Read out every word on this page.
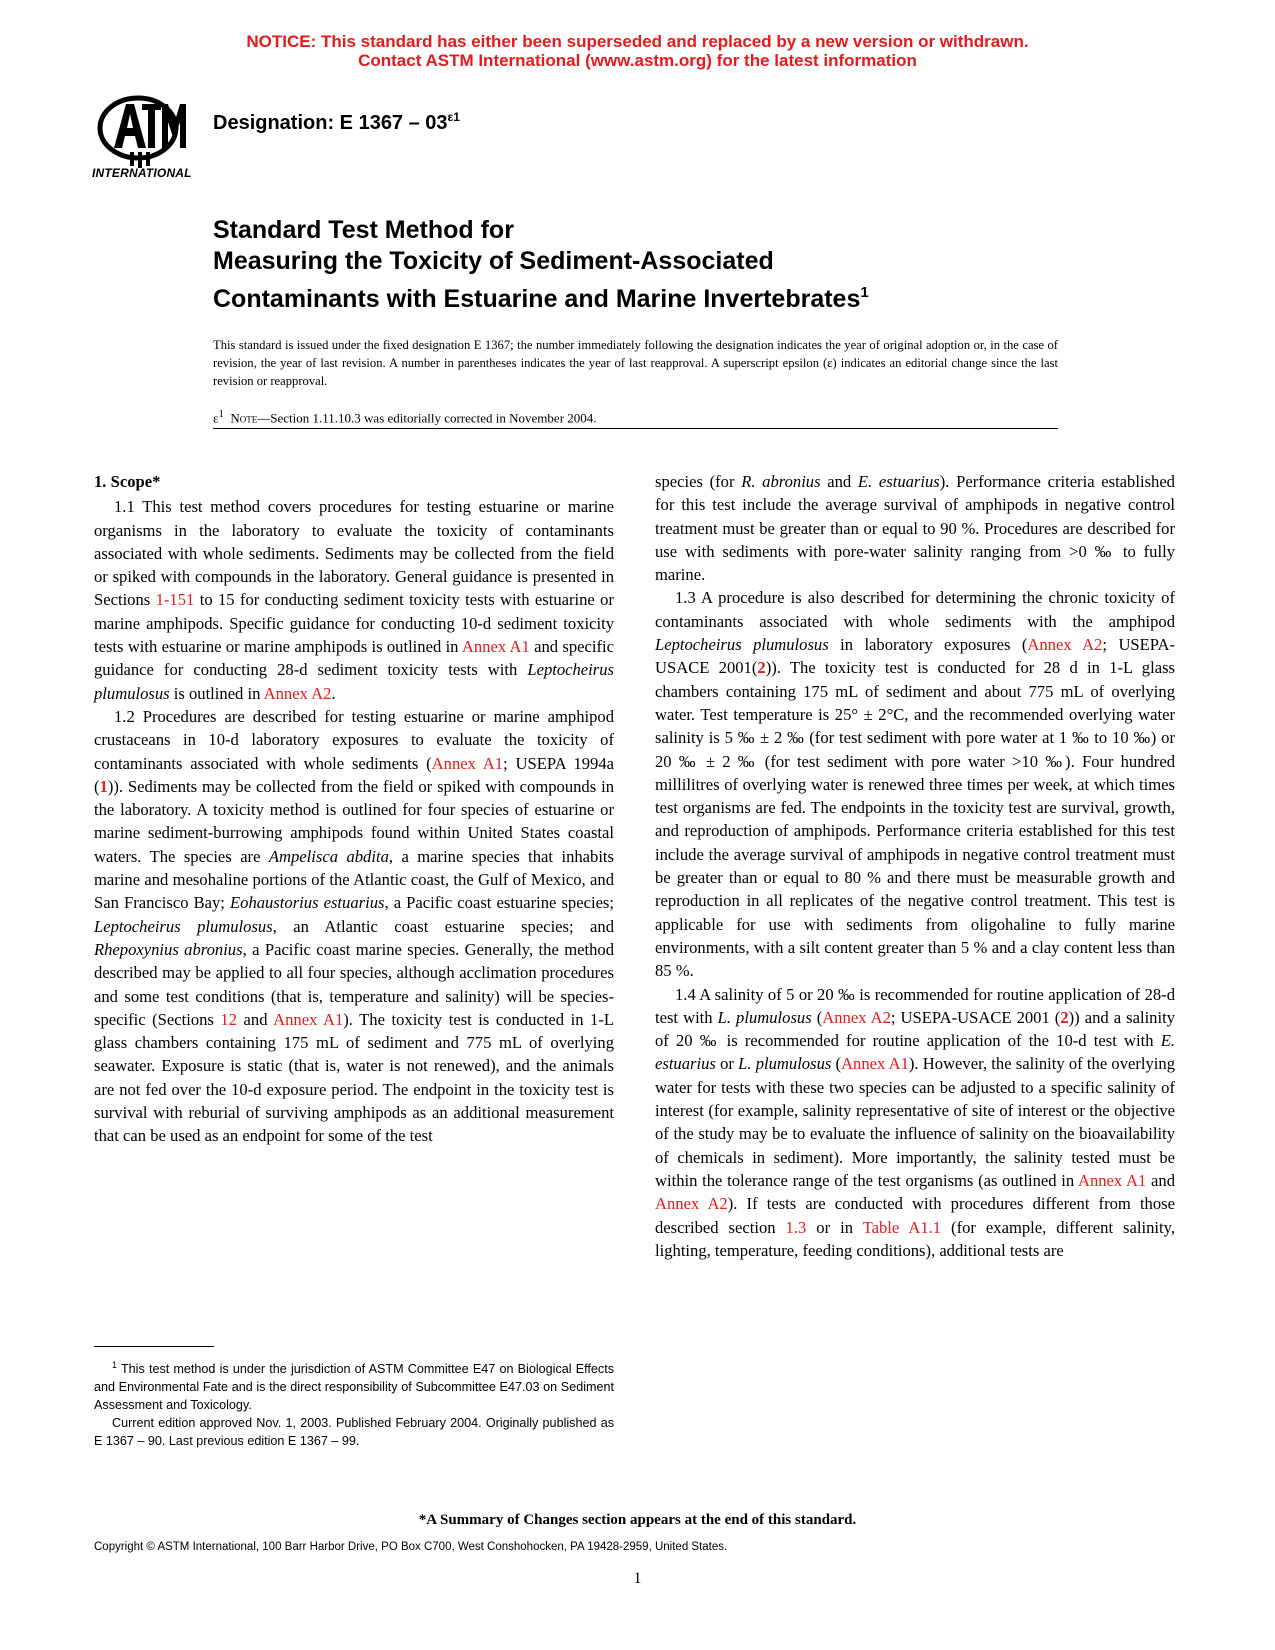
NOTICE: This standard has either been superseded and replaced by a new version or withdrawn.
Contact ASTM International (www.astm.org) for the latest information
INTERNATIONAL
Designation: E $1367 - 03^{\varepsilon 1}$
Standard Test Method for
Measuring the Toxicity of Sediment-Associated
Contaminants with Estuarine and Marine Invertebrates$^1$
This standard is issued under the fixed designation E 1367; the number immediately following the designation indicates the year of original adoption or, in the case of revision, the year of last revision. A number in parentheses indicates the year of last reapproval. A superscript epsilon (ε) indicates an editorial change since the last revision or reapproval.
$\varepsilon^1$ Note—Section 1.11.10.3 was editorially corrected in November 2004.
1. Scope*

1.1 This test method covers procedures for testing estuarine or marine organisms in the laboratory to evaluate the toxicity of contaminants associated with whole sediments. Sediments may be collected from the field or spiked with compounds in the laboratory. General guidance is presented in Sections 1-151 to 15 for conducting sediment toxicity tests with estuarine or marine amphipods. Specific guidance for conducting 10-d sediment toxicity tests with estuarine or marine amphipods is outlined in Annex A1 and specific guidance for conducting 28-d sediment toxicity tests with Leptocheirus plumulosus is outlined in Annex A2.

1.2 Procedures are described for testing estuarine or marine amphipod crustaceans in 10-d laboratory exposures to evaluate the toxicity of contaminants associated with whole sediments (Annex A1; USEPA 1994a (1)). Sediments may be collected from the field or spiked with compounds in the laboratory. A toxicity method is outlined for four species of estuarine or marine sediment-burrowing amphipods found within United States coastal waters. The species are Ampelisca abdita, a marine species that inhabits marine and mesohaline portions of the Atlantic coast, the Gulf of Mexico, and San Francisco Bay; Eohaustorius estuarius, a Pacific coast estuarine species; Leptocheirus plumulosus, an Atlantic coast estuarine species; and Rhepoxynius abronius, a Pacific coast marine species. Generally, the method described may be applied to all four species, although acclimation procedures and some test conditions (that is, temperature and salinity) will be species-specific (Sections 12 and Annex A1). The toxicity test is conducted in 1-L glass chambers containing 175 mL of sediment and 775 mL of overlying seawater. Exposure is static (that is, water is not renewed), and the animals are not fed over the 10-d exposure period. The endpoint in the toxicity test is survival with reburial of surviving amphipods as an additional measurement that can be used as an endpoint for some of the test

species (for R. abronius and E. estuarius). Performance criteria established for this test include the average survival of amphipods in negative control treatment must be greater than or equal to 90 %. Procedures are described for use with sediments with pore-water salinity ranging from >0 ‰ to fully marine.

1.3 A procedure is also described for determining the chronic toxicity of contaminants associated with whole sediments with the amphipod Leptocheirus plumulosus in laboratory exposures (Annex A2; USEPA-USACE 2001(2)). The toxicity test is conducted for 28 d in 1-L glass chambers containing 175 mL of sediment and about 775 mL of overlying water. Test temperature is 25° ± 2°C, and the recommended overlying water salinity is 5 ‰ ± 2 ‰ (for test sediment with pore water at 1 ‰ to 10 ‰) or 20 ‰ ± 2 ‰ (for test sediment with pore water >10 ‰). Four hundred millilitres of overlying water is renewed three times per week, at which times test organisms are fed. The endpoints in the toxicity test are survival, growth, and reproduction of amphipods. Performance criteria established for this test include the average survival of amphipods in negative control treatment must be greater than or equal to 80 % and there must be measurable growth and reproduction in all replicates of the negative control treatment. This test is applicable for use with sediments from oligohaline to fully marine environments, with a silt content greater than 5 % and a clay content less than 85 %.

1.4 A salinity of 5 or 20 ‰ is recommended for routine application of 28-d test with L. plumulosus (Annex A2; USEPA-USACE 2001 (2)) and a salinity of 20 ‰ is recommended for routine application of the 10-d test with E. estuarius or L. plumulosus (Annex A1). However, the salinity of the overlying water for tests with these two species can be adjusted to a specific salinity of interest (for example, salinity representative of site of interest or the objective of the study may be to evaluate the influence of salinity on the bioavailability of chemicals in sediment). More importantly, the salinity tested must be within the tolerance range of the test organisms (as outlined in Annex A1 and Annex A2). If tests are conducted with procedures different from those described section 1.3 or in Table A1.1 (for example, different salinity, lighting, temperature, feeding conditions), additional tests are

$^1$ This test method is under the jurisdiction of ASTM Committee E47 on Biological Effects and Environmental Fate and is the direct responsibility of Subcommittee E47.03 on Sediment Assessment and Toxicology.

Current edition approved Nov. 1, 2003. Published February 2004. Originally published as E 1367 – 90. Last previous edition E 1367 – 99.

*A Summary of Changes section appears at the end of this standard.
Copyright © ASTM International, 100 Barr Harbor Drive, PO Box C700, West Conshohocken, PA 19428-2959, United States.
1
